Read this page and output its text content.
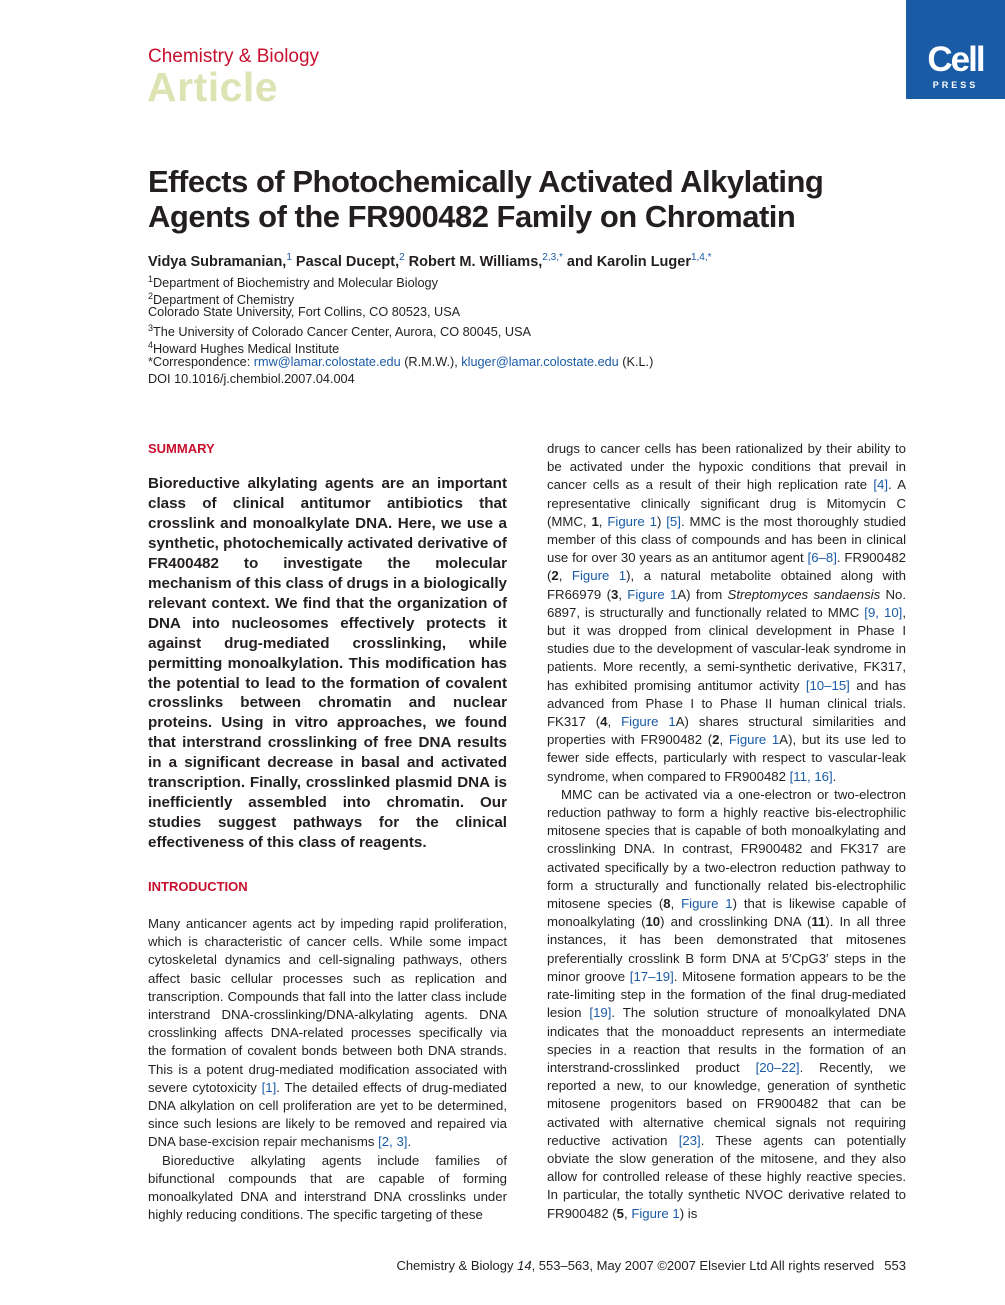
Chemistry & Biology
Article
Cell
PRESS
Effects of Photochemically Activated Alkylating Agents of the FR900482 Family on Chromatin
Vidya Subramanian,$^1$ Pascal Ducept,$^2$ Robert M. Williams,$^{2,3,*}$ and Karolin Luger$^{1,4,*}$
$^1$Department of Biochemistry and Molecular Biology
$^2$Department of Chemistry
Colorado State University, Fort Collins, CO 80523, USA
$^3$The University of Colorado Cancer Center, Aurora, CO 80045, USA
$^4$Howard Hughes Medical Institute
*Correspondence: rmw@lamar.colostate.edu (R.M.W.), kluger@lamar.colostate.edu (K.L.)
DOI 10.1016/j.chembiol.2007.04.004
SUMMARY
Bioreductive alkylating agents are an important class of clinical antitumor antibiotics that crosslink and monoalkylate DNA. Here, we use a synthetic, photochemically activated derivative of FR400482 to investigate the molecular mechanism of this class of drugs in a biologically relevant context. We find that the organization of DNA into nucleosomes effectively protects it against drug-mediated crosslinking, while permitting monoalkylation. This modification has the potential to lead to the formation of covalent crosslinks between chromatin and nuclear proteins. Using in vitro approaches, we found that interstrand crosslinking of free DNA results in a significant decrease in basal and activated transcription. Finally, crosslinked plasmid DNA is inefficiently assembled into chromatin. Our studies suggest pathways for the clinical effectiveness of this class of reagents.
INTRODUCTION

Many anticancer agents act by impeding rapid proliferation, which is characteristic of cancer cells. While some impact cytoskeletal dynamics and cell-signaling pathways, others affect basic cellular processes such as replication and transcription. Compounds that fall into the latter class include interstrand DNA-crosslinking/DNA-alkylating agents. DNA crosslinking affects DNA-related processes specifically via the formation of covalent bonds between both DNA strands. This is a potent drug-mediated modification associated with severe cytotoxicity [1]. The detailed effects of drug-mediated DNA alkylation on cell proliferation are yet to be determined, since such lesions are likely to be removed and repaired via DNA base-excision repair mechanisms [2, 3].

Bioreductive alkylating agents include families of bifunctional compounds that are capable of forming monoalkylated DNA and interstrand DNA crosslinks under highly reducing conditions. The specific targeting of these

drugs to cancer cells has been rationalized by their ability to be activated under the hypoxic conditions that prevail in cancer cells as a result of their high replication rate [4]. A representative clinically significant drug is Mitomycin C (MMC, 1, Figure 1) [5]. MMC is the most thoroughly studied member of this class of compounds and has been in clinical use for over 30 years as an antitumor agent [6–8]. FR900482 (2, Figure 1), a natural metabolite obtained along with FR66979 (3, Figure 1A) from Streptomyces sandaensis No. 6897, is structurally and functionally related to MMC [9, 10], but it was dropped from clinical development in Phase I studies due to the development of vascular-leak syndrome in patients. More recently, a semi-synthetic derivative, FK317, has exhibited promising antitumor activity [10–15] and has advanced from Phase I to Phase II human clinical trials. FK317 (4, Figure 1A) shares structural similarities and properties with FR900482 (2, Figure 1A), but its use led to fewer side effects, particularly with respect to vascular-leak syndrome, when compared to FR900482 [11, 16].

MMC can be activated via a one-electron or two-electron reduction pathway to form a highly reactive bis-electrophilic mitosene species that is capable of both monoalkylating and crosslinking DNA. In contrast, FR900482 and FK317 are activated specifically by a two-electron reduction pathway to form a structurally and functionally related bis-electrophilic mitosene species (8, Figure 1) that is likewise capable of monoalkylating (10) and crosslinking DNA (11). In all three instances, it has been demonstrated that mitosenes preferentially crosslink B form DNA at 5′CpG3′ steps in the minor groove [17–19]. Mitosene formation appears to be the rate-limiting step in the formation of the final drug-mediated lesion [19]. The solution structure of monoalkylated DNA indicates that the monoadduct represents an intermediate species in a reaction that results in the formation of an interstrand-crosslinked product [20–22]. Recently, we reported a new, to our knowledge, generation of synthetic mitosene progenitors based on FR900482 that can be activated with alternative chemical signals not requiring reductive activation [23]. These agents can potentially obviate the slow generation of the mitosene, and they also allow for controlled release of these highly reactive species. In particular, the totally synthetic NVOC derivative related to FR900482 (5, Figure 1) is

Chemistry & Biology 14, 553–563, May 2007 ©2007 Elsevier Ltd All rights reserved 553
